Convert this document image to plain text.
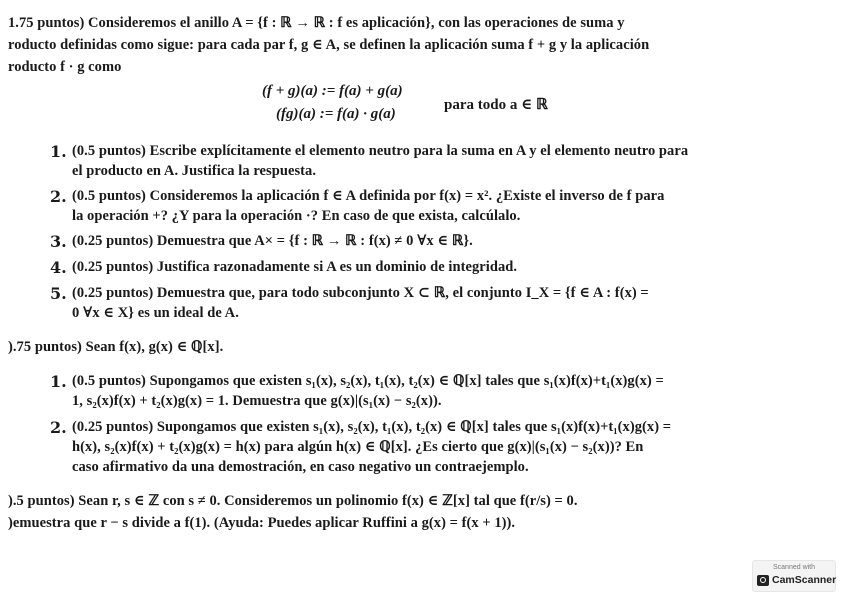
1.75 puntos) Consideremos el anillo A = {f : ℝ → ℝ : f es aplicación}, con las operaciones de suma y
roducto definidas como sigue: para cada par f, g ∈ A, se definen la aplicación suma f + g y la aplicación
roducto f · g como
(f + g)(a) := f(a) + g(a)
(fg)(a) := f(a) · g(a)
para todo a ∈ ℝ
1. (0.5 puntos) Escribe explícitamente el elemento neutro para la suma en A y el elemento neutro para
el producto en A. Justifica la respuesta.
2. (0.5 puntos) Consideremos la aplicación f ∈ A definida por f(x) = x². ¿Existe el inverso de f para
la operación +? ¿Y para la operación ·? En caso de que exista, calcúlalo.
3. (0.25 puntos) Demuestra que A× = {f : ℝ → ℝ : f(x) ≠ 0 ∀x ∈ ℝ}.
4. (0.25 puntos) Justifica razonadamente si A es un dominio de integridad.
5. (0.25 puntos) Demuestra que, para todo subconjunto X ⊂ ℝ, el conjunto I_X = {f ∈ A : f(x) =
0 ∀x ∈ X} es un ideal de A.
).75 puntos) Sean f(x), g(x) ∈ ℚ[x].
1. (0.5 puntos) Supongamos que existen s₁(x), s₂(x), t₁(x), t₂(x) ∈ ℚ[x] tales que s₁(x)f(x)+t₁(x)g(x) =
1, s₂(x)f(x) + t₂(x)g(x) = 1. Demuestra que g(x)|(s₁(x) − s₂(x)).
2. (0.25 puntos) Supongamos que existen s₁(x), s₂(x), t₁(x), t₂(x) ∈ ℚ[x] tales que s₁(x)f(x)+t₁(x)g(x) =
h(x), s₂(x)f(x) + t₂(x)g(x) = h(x) para algún h(x) ∈ ℚ[x]. ¿Es cierto que g(x)|(s₁(x) − s₂(x))? En
caso afirmativo da una demostración, en caso negativo un contraejemplo.
).5 puntos) Sean r, s ∈ ℤ con s ≠ 0. Consideremos un polinomio f(x) ∈ ℤ[x] tal que f(r/s) = 0.
)emuestra que r − s divide a f(1). (Ayuda: Puedes aplicar Ruffini a g(x) = f(x + 1)).
Scanned with
CamScanner
